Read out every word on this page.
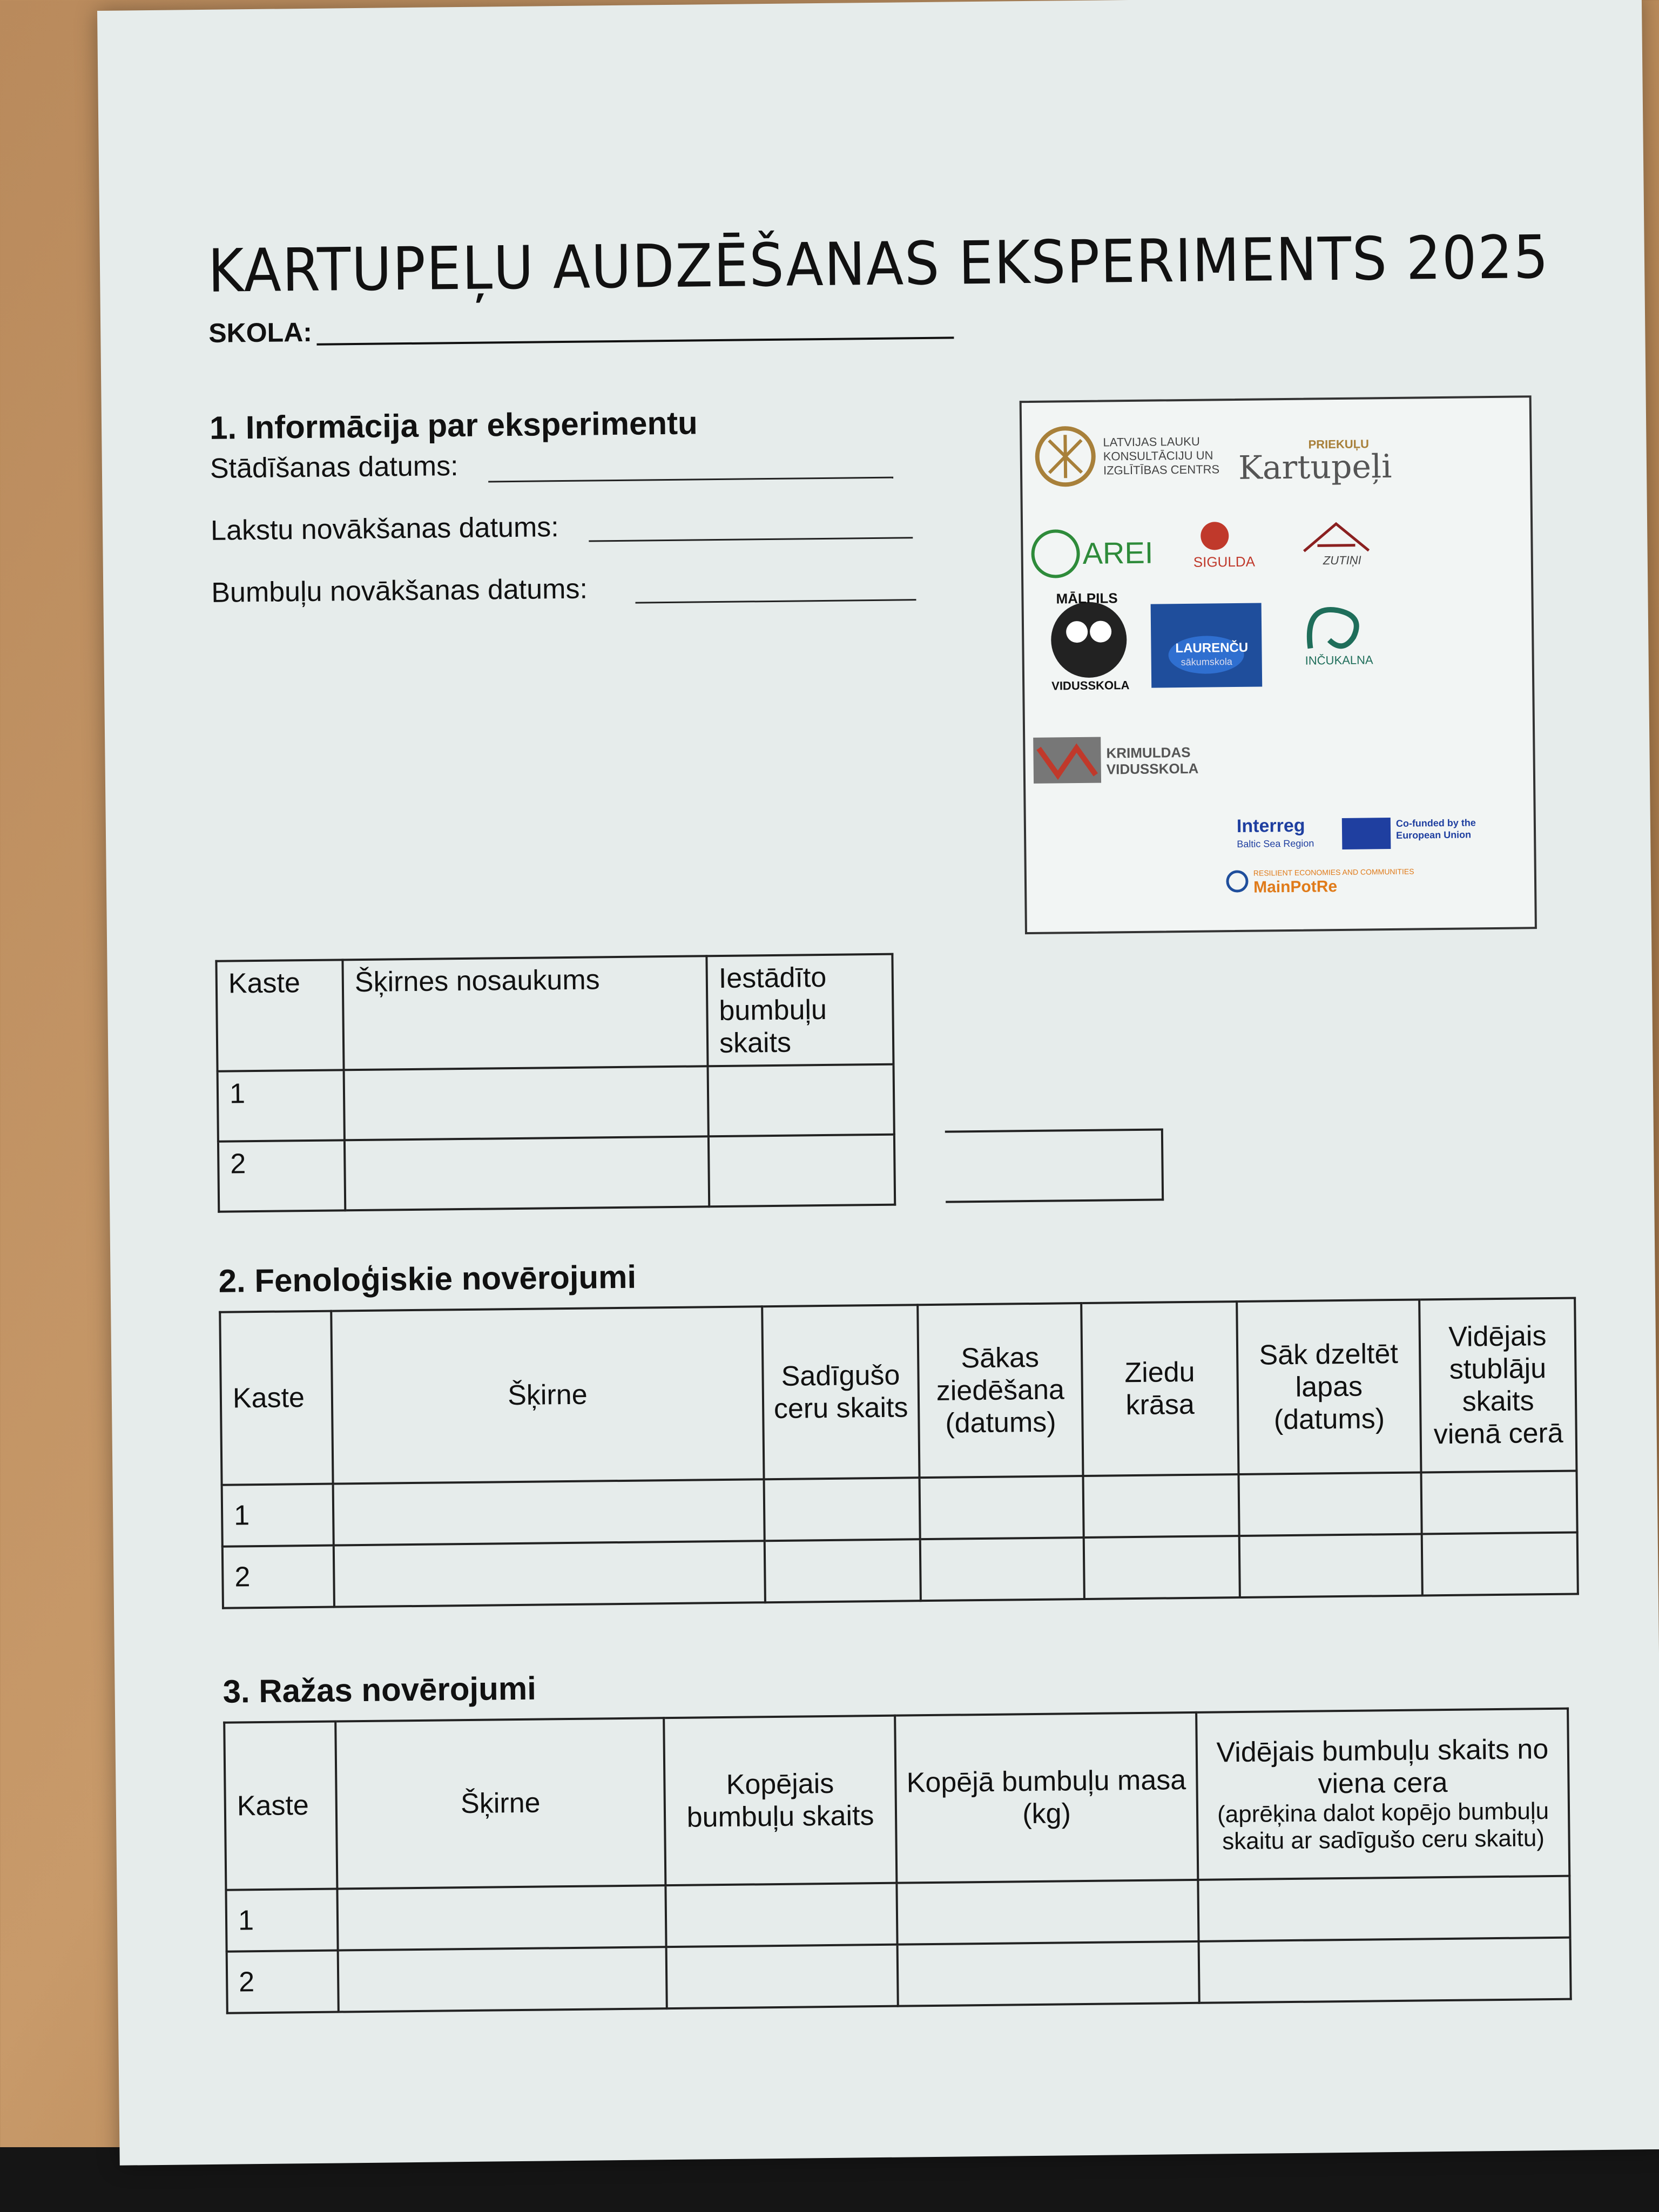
KARTUPEĻU AUDZĒŠANAS EKSPERIMENTS 2025
SKOLA:
1. Informācija par eksperimentu
Stādīšanas datums:
Lakstu novākšanas datums:
Bumbuļu novākšanas datums:
LATVIJAS LAUKU KONSULTĀCIJU UN IZGLĪTĪBAS CENTRS
PRIEKUĻU
Kartupeļi
AREI	SIGULDA	ZUTIŅI
MĀLPILS
VIDUSSKOLA
LAURENČU
sākumskola	INČUKALNA
KRIMULDAS VIDUSSKOLA
Interreg
Baltic Sea Region
Co-funded by the European Union
RESILIENT ECONOMIES AND COMMUNITIES
MainPotRe
Kaste	Šķirnes nosaukums	Iestādīto bumbuļu skaits
1		
2		
2. Fenoloģiskie novērojumi
Kaste	Šķirne	Sadīgušo ceru skaits	Sākas ziedēšana (datums)	Ziedu krāsa	Sāk dzeltēt lapas (datums)	Vidējais stublāju skaits vienā cerā
1						
2						
3. Ražas novērojumi
Kaste	Šķirne	Kopējais bumbuļu skaits	Kopējā bumbuļu masa (kg)	Vidējais bumbuļu skaits no viena cera
(aprēķina dalot kopējo bumbuļu skaitu ar sadīgušo ceru skaitu)

1				
2				
